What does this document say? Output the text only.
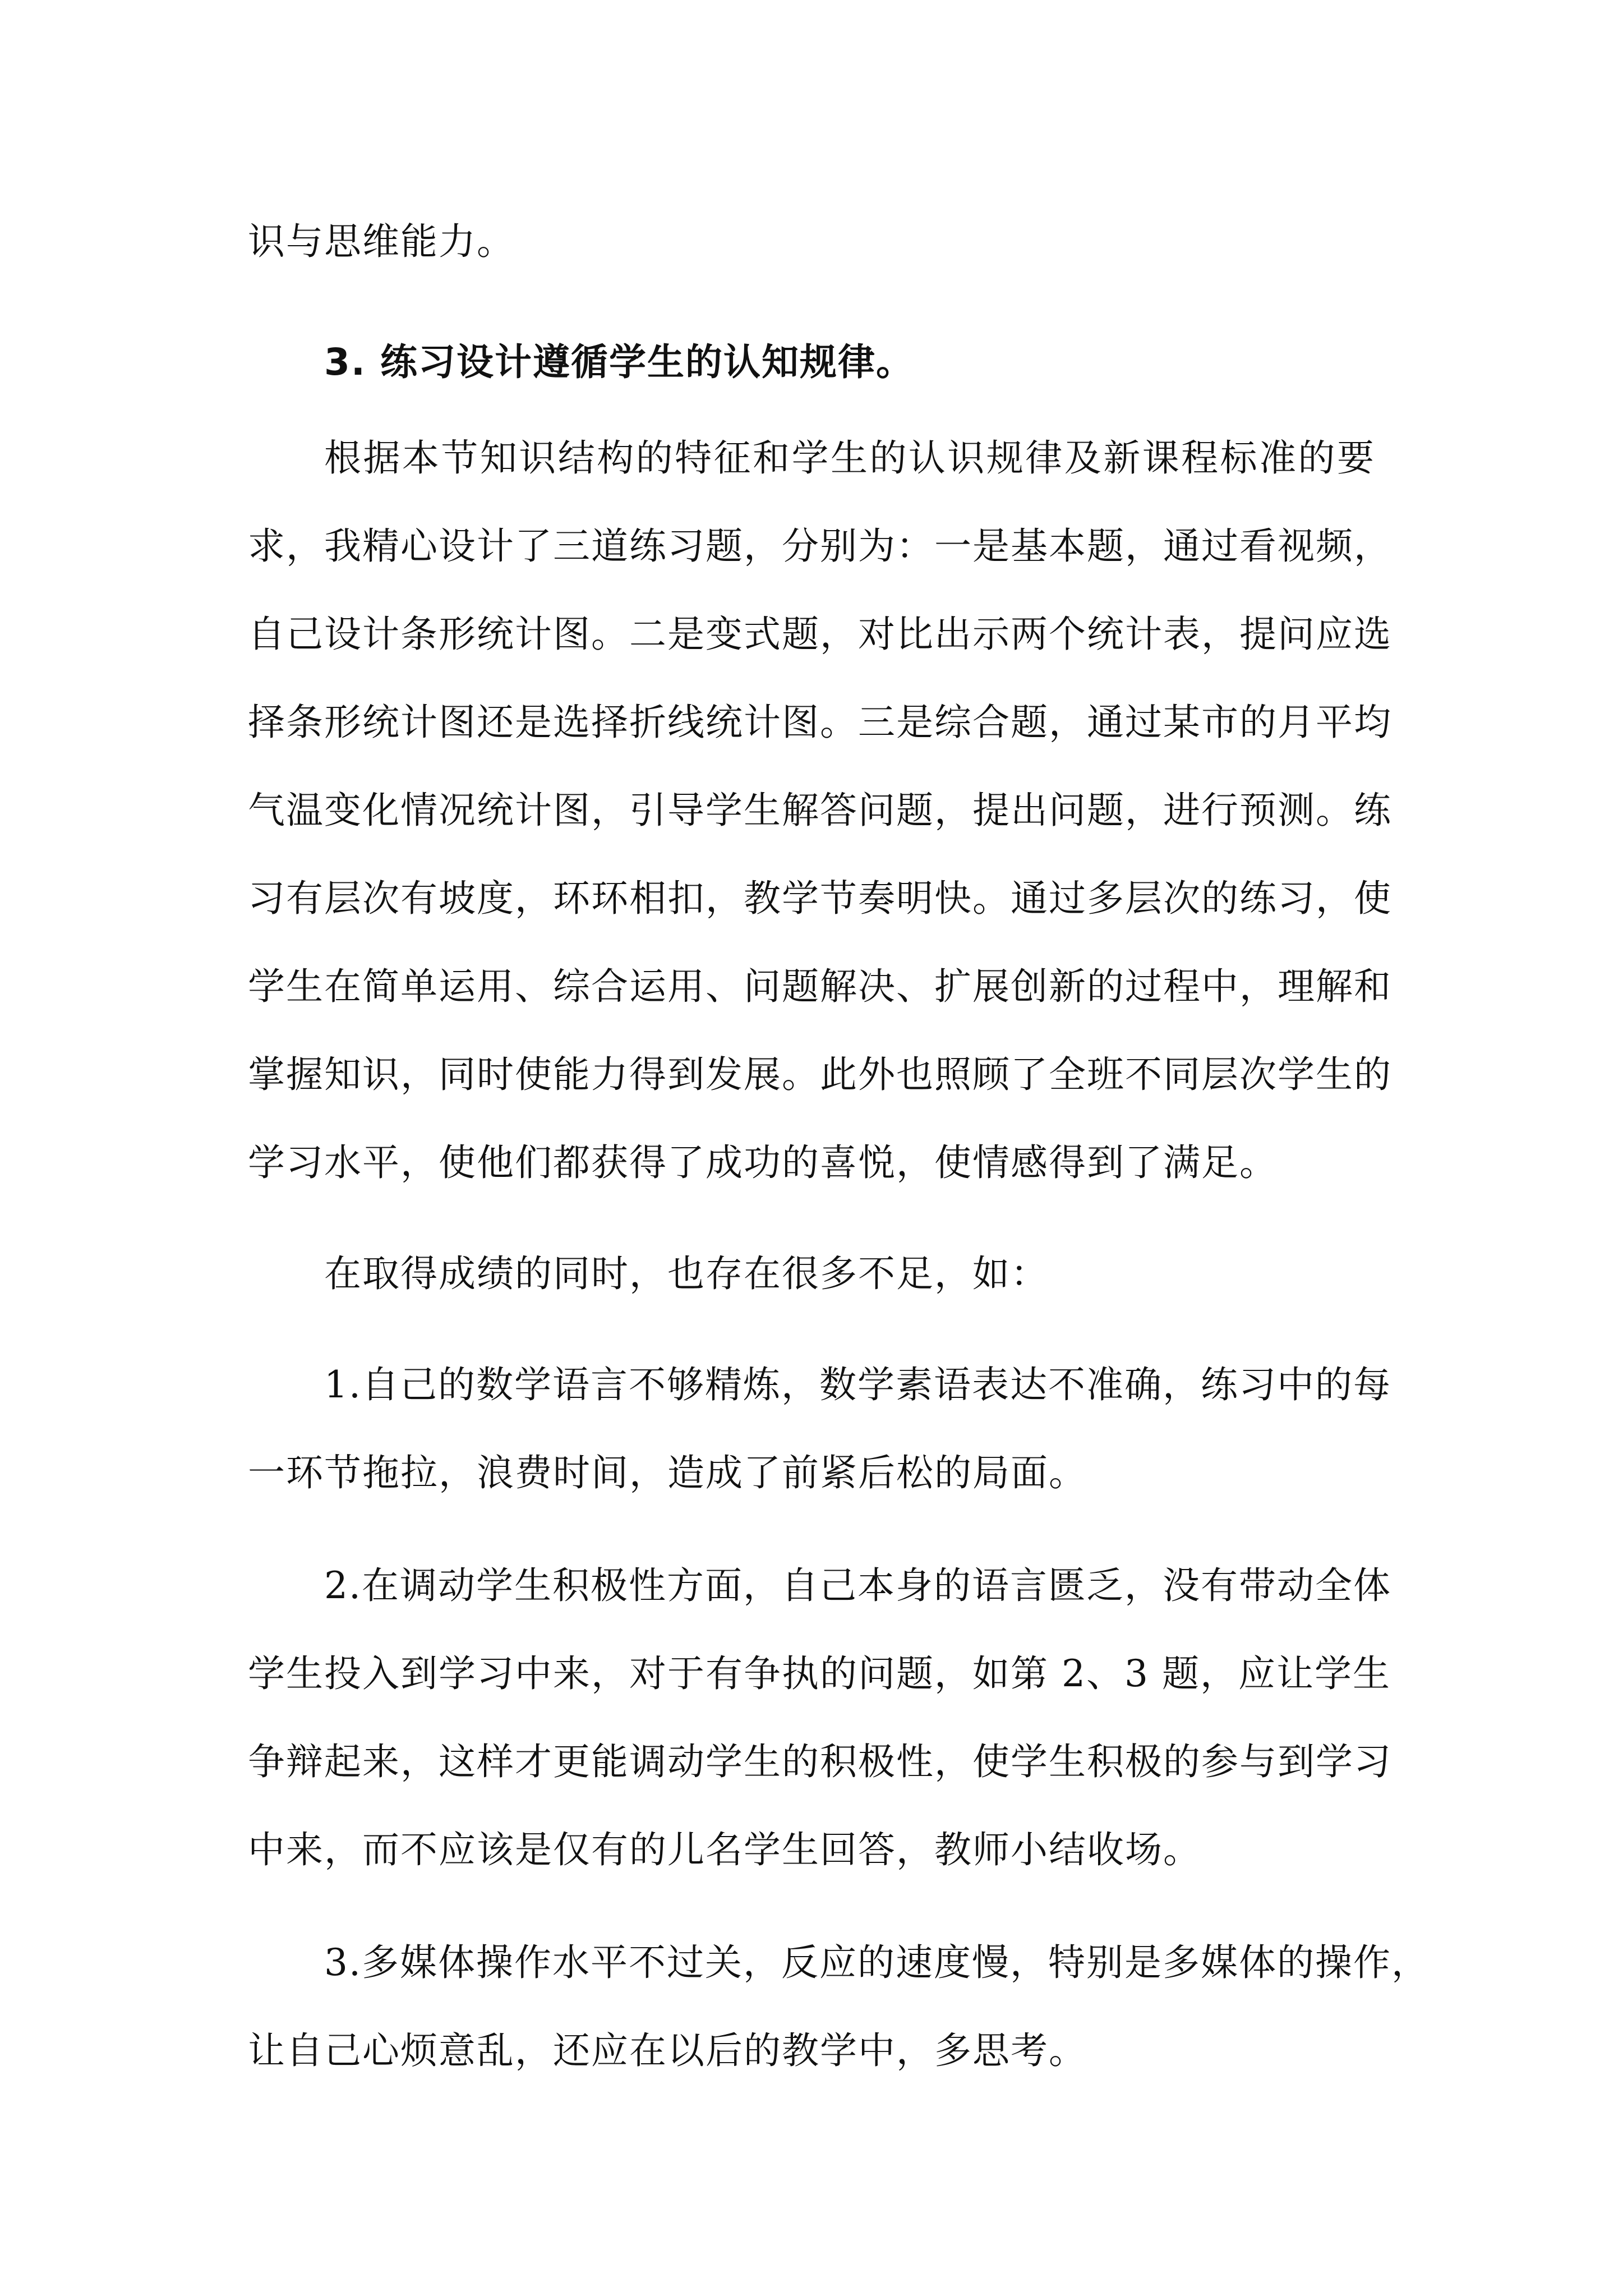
识与思维能力。
3. 练习设计遵循学生的认知规律。
根据本节知识结构的特征和学生的认识规律及新课程标准的要
求，我精心设计了三道练习题，分别为：一是基本题，通过看视频，
自己设计条形统计图。二是变式题，对比出示两个统计表，提问应选
择条形统计图还是选择折线统计图。三是综合题，通过某市的月平均
气温变化情况统计图，引导学生解答问题，提出问题，进行预测。练
习有层次有坡度，环环相扣，教学节奏明快。通过多层次的练习，使
学生在简单运用、综合运用、问题解决、扩展创新的过程中，理解和
掌握知识，同时使能力得到发展。此外也照顾了全班不同层次学生的
学习水平，使他们都获得了成功的喜悦，使情感得到了满足。
在取得成绩的同时，也存在很多不足，如：
1.自己的数学语言不够精炼，数学素语表达不准确，练习中的每
一环节拖拉，浪费时间，造成了前紧后松的局面。
2.在调动学生积极性方面，自己本身的语言匮乏，没有带动全体
学生投入到学习中来，对于有争执的问题，如第 2、3 题，应让学生
争辩起来，这样才更能调动学生的积极性，使学生积极的参与到学习
中来，而不应该是仅有的儿名学生回答，教师小结收场。
3.多媒体操作水平不过关，反应的速度慢，特别是多媒体的操作，
让自己心烦意乱，还应在以后的教学中，多思考。
